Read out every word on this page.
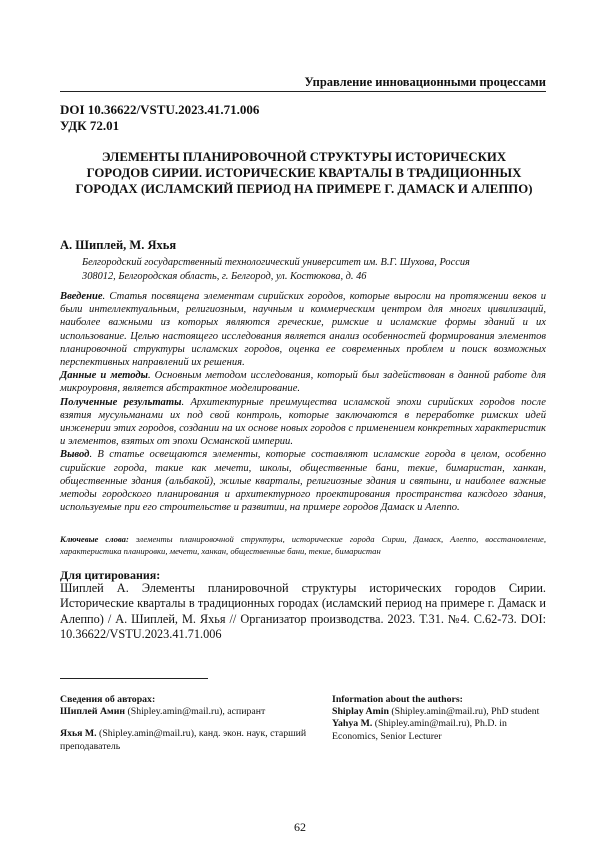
Управление инновационными процессами
DOI 10.36622/VSTU.2023.41.71.006
УДК 72.01
ЭЛЕМЕНТЫ ПЛАНИРОВОЧНОЙ СТРУКТУРЫ ИСТОРИЧЕСКИХ ГОРОДОВ СИРИИ. ИСТОРИЧЕСКИЕ КВАРТАЛЫ В ТРАДИЦИОННЫХ ГОРОДАХ (ИСЛАМСКИЙ ПЕРИОД НА ПРИМЕРЕ Г. ДАМАСК И АЛЕППО)
А. Шиплей, М. Яхья
Белгородский государственный технологический университет им. В.Г. Шухова, Россия
308012, Белгородская область, г. Белгород, ул. Костюкова, д. 46

Введение. Статья посвящена элементам сирийских городов, которые выросли на протяжении веков и были интеллектуальным, религиозным, научным и коммерческим центром для многих цивилизаций, наиболее важными из которых являются греческие, римские и исламские формы зданий и их использование. Целью настоящего исследования является анализ особенностей формирования элементов планировочной структуры исламских городов, оценка ее современных проблем и поиск возможных перспективных направлений их решения.

Данные и методы. Основным методом исследования, который был задействован в данной работе для микроуровня, является абстрактное моделирование.

Полученные результаты. Архитектурные преимущества исламской эпохи сирийских городов после взятия мусульманами их под свой контроль, которые заключаются в переработке римских идей инженерии этих городов, создании на их основе новых городов с применением конкретных характеристик и элементов, взятых от эпохи Османской империи.

Вывод. В статье освещаются элементы, которые составляют исламские города в целом, особенно сирийские города, такие как мечети, школы, общественные бани, текие, бимаристан, ханкан, общественные здания (альбакой), жилые кварталы, религиозные здания и святыни, и наиболее важные методы городского планирования и архитектурного проектирования пространства каждого здания, используемые при его строительстве и развитии, на примере городов Дамаск и Алеппо.

Ключевые слова: элементы планировочной структуры, исторические города Сирии, Дамаск, Алеппо, восстановление, характеристика планировки, мечети, ханкан, общественные бани, текие, бимаристан
Для цитирования:
Шиплей А. Элементы планировочной структуры исторических городов Сирии. Исторические кварталы в традиционных городах (исламский период на примере г. Дамаск и Алеппо) / А. Шиплей, М. Яхья // Организатор производства. 2023. Т.31. №4. С.62-73. DOI: 10.36622/VSTU.2023.41.71.006
Сведения об авторах:
Шиплей Амин (Shipley.amin@mail.ru), аспирант
Яхья М. (Shipley.amin@mail.ru), канд. экон. наук, старший преподаватель
Information about the authors:
Shiplay Amin (Shipley.amin@mail.ru), PhD student
Yahya M. (Shipley.amin@mail.ru), Ph.D. in Economics, Senior Lecturer
62
